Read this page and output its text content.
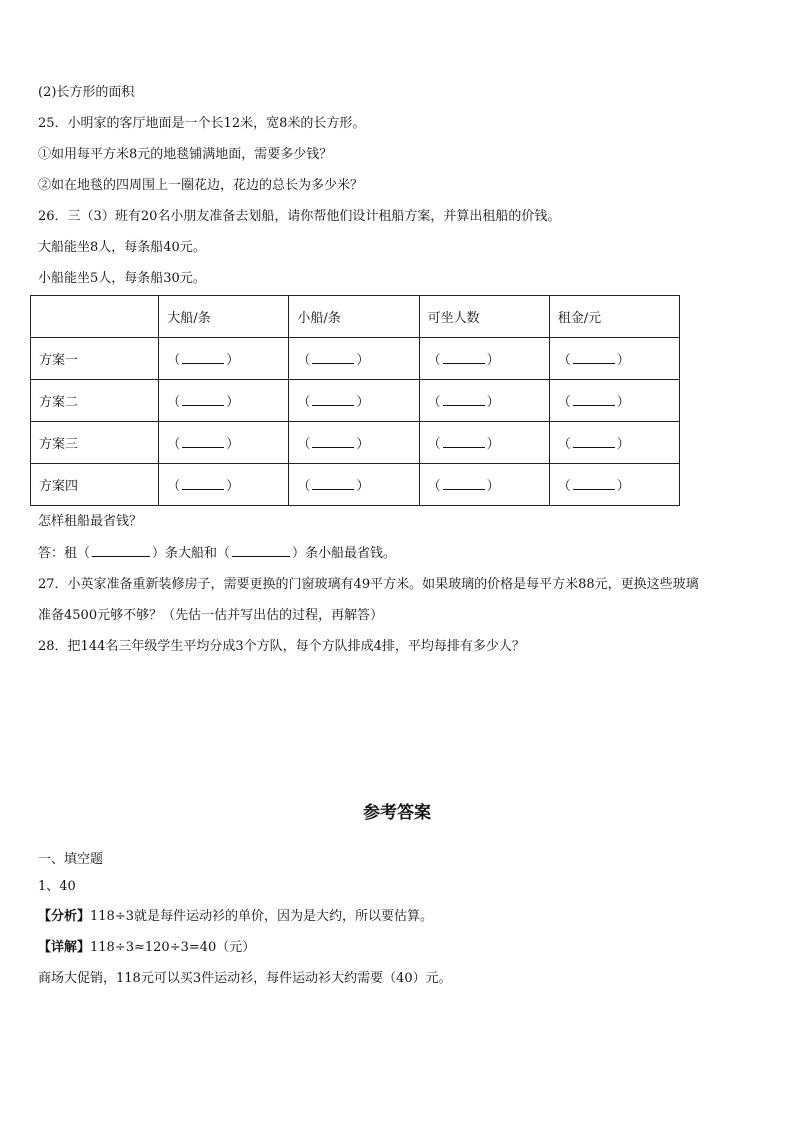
(2)长方形的面积
25．小明家的客厅地面是一个长12米，宽8米的长方形。
①如用每平方米8元的地毯铺满地面，需要多少钱？
②如在地毯的四周围上一圈花边，花边的总长为多少米？
26．三（3）班有20名小朋友准备去划船，请你帮他们设计租船方案，并算出租船的价钱。
大船能坐8人，每条船40元。
小船能坐5人，每条船30元。
	大船/条	小船/条	可坐人数	租金/元
方案一	（ ）	（ ）	（ ）	（ ）
方案二	（ ）	（ ）	（ ）	（ ）
方案三	（ ）	（ ）	（ ）	（ ）
方案四	（ ）	（ ）	（ ）	（ ）
怎样租船最省钱？
答：租（	）条大船和（	）条小船最省钱。
27．小英家准备重新装修房子，需要更换的门窗玻璃有49平方米。如果玻璃的价格是每平方米88元，更换这些玻璃
准备4500元够不够？（先估一估并写出估的过程，再解答）
28．把144名三年级学生平均分成3个方队，每个方队排成4排，平均每排有多少人？
参考答案
一、填空题
1、40
【分析】118÷3就是每件运动衫的单价，因为是大约，所以要估算。
【详解】118÷3≈120÷3=40（元）
商场大促销，118元可以买3件运动衫，每件运动衫大约需要（40）元。
